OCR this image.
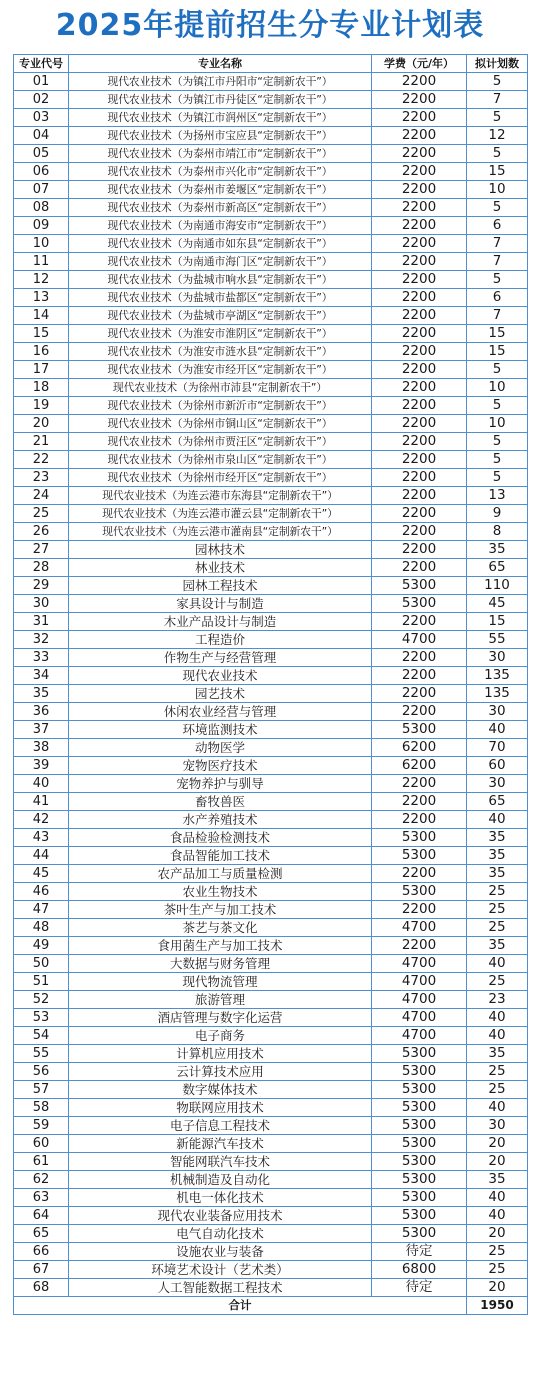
2025年提前招生分专业计划表
专业代号	专业名称	学费（元/年）	拟计划数
01	现代农业技术（为镇江市丹阳市“定制新农干”）	2200	5
02	现代农业技术（为镇江市丹徒区“定制新农干”）	2200	7
03	现代农业技术（为镇江市润州区“定制新农干”）	2200	5
04	现代农业技术（为扬州市宝应县“定制新农干”）	2200	12
05	现代农业技术（为泰州市靖江市“定制新农干”）	2200	5
06	现代农业技术（为泰州市兴化市“定制新农干”）	2200	15
07	现代农业技术（为泰州市姜堰区“定制新农干”）	2200	10
08	现代农业技术（为泰州市新高区“定制新农干”）	2200	5
09	现代农业技术（为南通市海安市“定制新农干”）	2200	6
10	现代农业技术（为南通市如东县“定制新农干”）	2200	7
11	现代农业技术（为南通市海门区“定制新农干”）	2200	7
12	现代农业技术（为盐城市响水县“定制新农干”）	2200	5
13	现代农业技术（为盐城市盐都区“定制新农干”）	2200	6
14	现代农业技术（为盐城市亭湖区“定制新农干”）	2200	7
15	现代农业技术（为淮安市淮阴区“定制新农干”）	2200	15
16	现代农业技术（为淮安市涟水县“定制新农干”）	2200	15
17	现代农业技术（为淮安市经开区“定制新农干”）	2200	5
18	现代农业技术（为徐州市沛县“定制新农干”）	2200	10
19	现代农业技术（为徐州市新沂市“定制新农干”）	2200	5
20	现代农业技术（为徐州市铜山区“定制新农干”）	2200	10
21	现代农业技术（为徐州市贾汪区“定制新农干”）	2200	5
22	现代农业技术（为徐州市泉山区“定制新农干”）	2200	5
23	现代农业技术（为徐州市经开区“定制新农干”）	2200	5
24	现代农业技术（为连云港市东海县“定制新农干”）	2200	13
25	现代农业技术（为连云港市灌云县“定制新农干”）	2200	9
26	现代农业技术（为连云港市灌南县“定制新农干”）	2200	8
27	园林技术	2200	35
28	林业技术	2200	65
29	园林工程技术	5300	110
30	家具设计与制造	5300	45
31	木业产品设计与制造	2200	15
32	工程造价	4700	55
33	作物生产与经营管理	2200	30
34	现代农业技术	2200	135
35	园艺技术	2200	135
36	休闲农业经营与管理	2200	30
37	环境监测技术	5300	40
38	动物医学	6200	70
39	宠物医疗技术	6200	60
40	宠物养护与驯导	2200	30
41	畜牧兽医	2200	65
42	水产养殖技术	2200	40
43	食品检验检测技术	5300	35
44	食品智能加工技术	5300	35
45	农产品加工与质量检测	2200	35
46	农业生物技术	5300	25
47	茶叶生产与加工技术	2200	25
48	茶艺与茶文化	4700	25
49	食用菌生产与加工技术	2200	35
50	大数据与财务管理	4700	40
51	现代物流管理	4700	25
52	旅游管理	4700	23
53	酒店管理与数字化运营	4700	40
54	电子商务	4700	40
55	计算机应用技术	5300	35
56	云计算技术应用	5300	25
57	数字媒体技术	5300	25
58	物联网应用技术	5300	40
59	电子信息工程技术	5300	30
60	新能源汽车技术	5300	20
61	智能网联汽车技术	5300	20
62	机械制造及自动化	5300	35
63	机电一体化技术	5300	40
64	现代农业装备应用技术	5300	40
65	电气自动化技术	5300	20
66	设施农业与装备	待定	25
67	环境艺术设计（艺术类）	6800	25
68	人工智能数据工程技术	待定	20
合计			1950
